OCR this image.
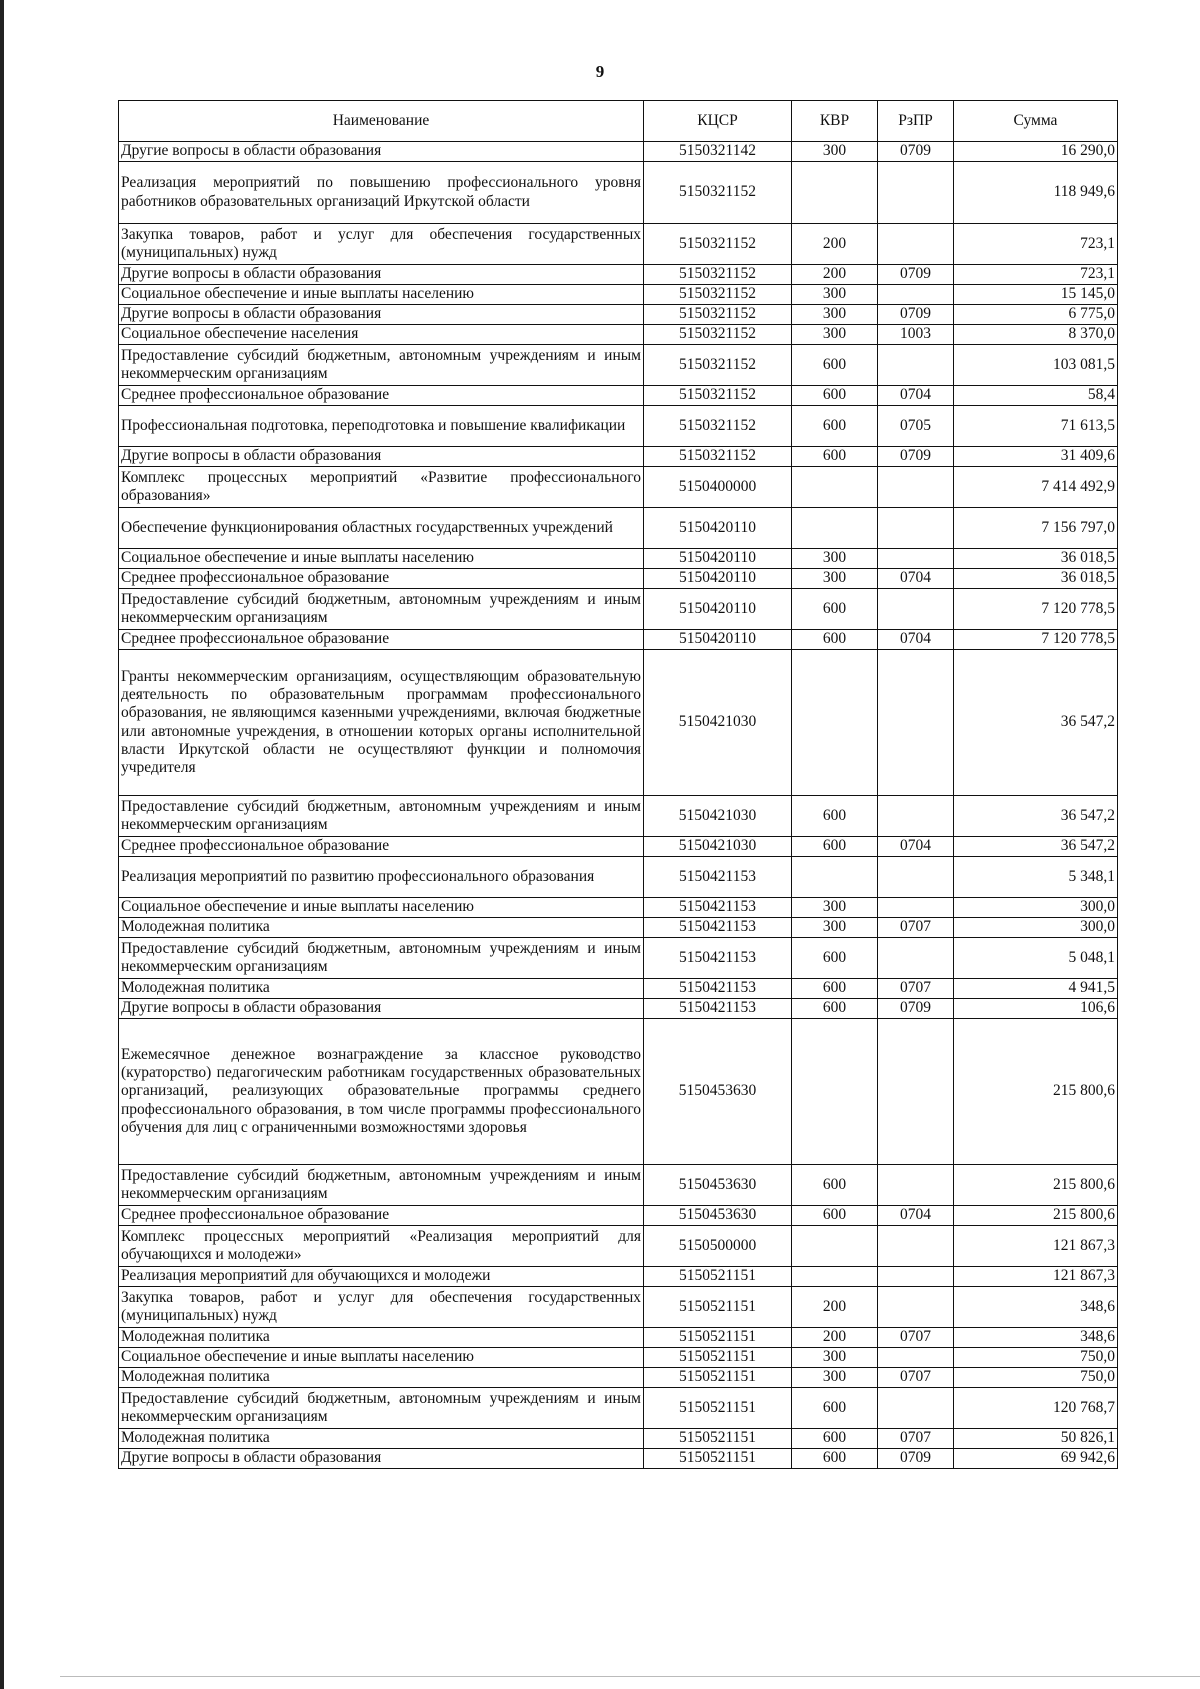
9
Наименование	КЦСР	КВР	РзПР	Сумма
Другие вопросы в области образования	5150321142	300	0709	16 290,0
Реализация мероприятий по повышению профессионального уровня работников образовательных организаций Иркутской области	5150321152			118 949,6
Закупка товаров, работ и услуг для обеспечения государственных (муниципальных) нужд	5150321152	200		723,1
Другие вопросы в области образования	5150321152	200	0709	723,1
Социальное обеспечение и иные выплаты населению	5150321152	300		15 145,0
Другие вопросы в области образования	5150321152	300	0709	6 775,0
Социальное обеспечение населения	5150321152	300	1003	8 370,0
Предоставление субсидий бюджетным, автономным учреждениям и иным некоммерческим организациям	5150321152	600		103 081,5
Среднее профессиональное образование	5150321152	600	0704	58,4
Профессиональная подготовка, переподготовка и повышение квалификации	5150321152	600	0705	71 613,5
Другие вопросы в области образования	5150321152	600	0709	31 409,6
Комплекс процессных мероприятий «Развитие профессионального образования»	5150400000			7 414 492,9
Обеспечение функционирования областных государственных учреждений	5150420110			7 156 797,0
Социальное обеспечение и иные выплаты населению	5150420110	300		36 018,5
Среднее профессиональное образование	5150420110	300	0704	36 018,5
Предоставление субсидий бюджетным, автономным учреждениям и иным некоммерческим организациям	5150420110	600		7 120 778,5
Среднее профессиональное образование	5150420110	600	0704	7 120 778,5
Гранты некоммерческим организациям, осуществляющим образовательную деятельность по образовательным программам профессионального образования, не являющимся казенными учреждениями, включая бюджетные или автономные учреждения, в отношении которых органы исполнительной власти Иркутской области не осуществляют функции и полномочия учредителя	5150421030			36 547,2
Предоставление субсидий бюджетным, автономным учреждениям и иным некоммерческим организациям	5150421030	600		36 547,2
Среднее профессиональное образование	5150421030	600	0704	36 547,2
Реализация мероприятий по развитию профессионального образования	5150421153			5 348,1
Социальное обеспечение и иные выплаты населению	5150421153	300		300,0
Молодежная политика	5150421153	300	0707	300,0
Предоставление субсидий бюджетным, автономным учреждениям и иным некоммерческим организациям	5150421153	600		5 048,1
Молодежная политика	5150421153	600	0707	4 941,5
Другие вопросы в области образования	5150421153	600	0709	106,6
Ежемесячное денежное вознаграждение за классное руководство (кураторство) педагогическим работникам государственных образовательных организаций, реализующих образовательные программы среднего профессионального образования, в том числе программы профессионального обучения для лиц с ограниченными возможностями здоровья	5150453630			215 800,6
Предоставление субсидий бюджетным, автономным учреждениям и иным некоммерческим организациям	5150453630	600		215 800,6
Среднее профессиональное образование	5150453630	600	0704	215 800,6
Комплекс процессных мероприятий «Реализация мероприятий для обучающихся и молодежи»	5150500000			121 867,3
Реализация мероприятий для обучающихся и молодежи	5150521151			121 867,3
Закупка товаров, работ и услуг для обеспечения государственных (муниципальных) нужд	5150521151	200		348,6
Молодежная политика	5150521151	200	0707	348,6
Социальное обеспечение и иные выплаты населению	5150521151	300		750,0
Молодежная политика	5150521151	300	0707	750,0
Предоставление субсидий бюджетным, автономным учреждениям и иным некоммерческим организациям	5150521151	600		120 768,7
Молодежная политика	5150521151	600	0707	50 826,1
Другие вопросы в области образования	5150521151	600	0709	69 942,6
